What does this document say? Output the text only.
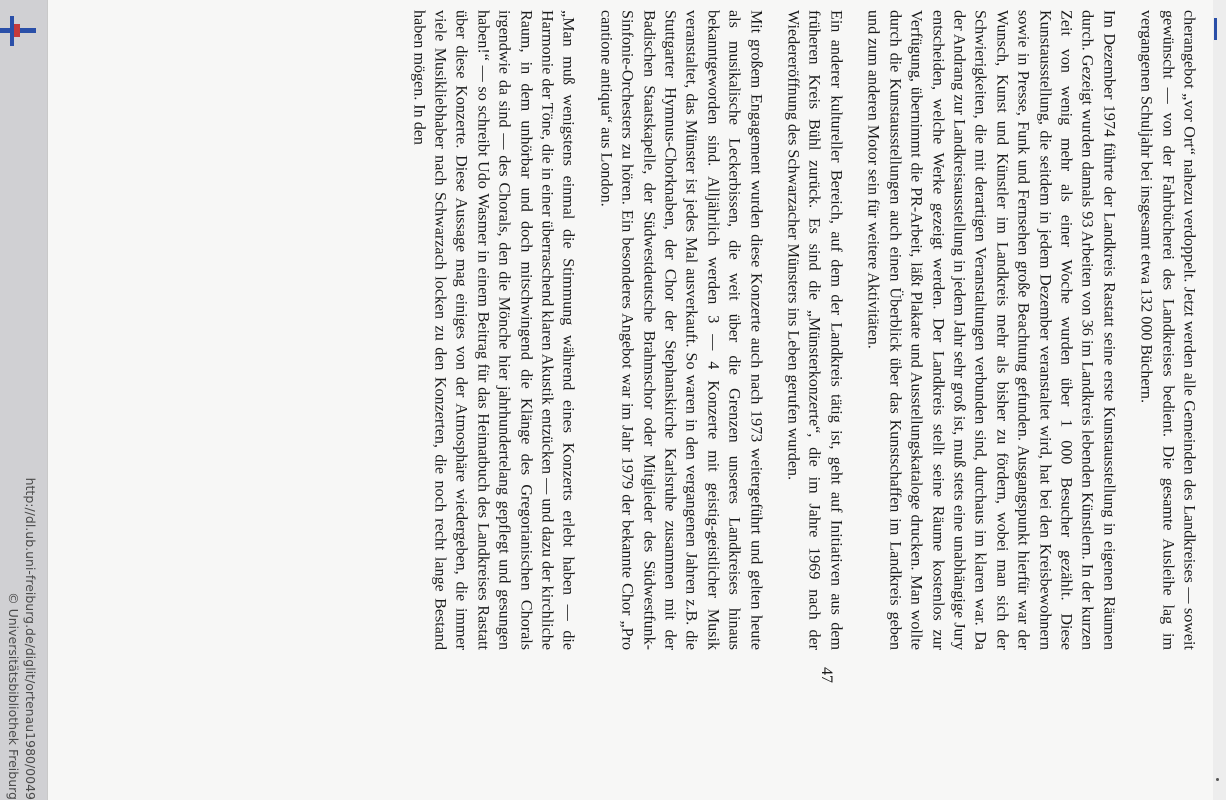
http://dl.ub.uni-freiburg.de/diglit/ortenau1980/0049
© Universitätsbibliothek Freiburg

cherangebot „vor Ort“ nahezu verdoppelt. Jetzt werden alle Gemeinden des Landkreises — soweit gewünscht — von der Fahrbücherei des Landkreises bedient. Die gesamte Ausleihe lag im vergangenen Schuljahr bei insgesamt etwa 132 000 Büchern.

Im Dezember 1974 führte der Landkreis Rastatt seine erste Kunstausstellung in eigenen Räumen durch. Gezeigt wurden damals 93 Arbeiten von 36 im Landkreis lebenden Künstlern. In der kurzen Zeit von wenig mehr als einer Woche wurden über 1 000 Besucher gezählt. Diese Kunstausstellung, die seitdem in jedem Dezember veranstaltet wird, hat bei den Kreisbewohnern sowie in Presse, Funk und Fernsehen große Beachtung gefunden. Ausgangspunkt hierfür war der Wunsch, Kunst und Künstler im Landkreis mehr als bisher zu fördern, wobei man sich der Schwierigkeiten, die mit derartigen Veranstaltungen verbunden sind, durchaus im klaren war. Da der Andrang zur Landkreisausstellung in jedem Jahr sehr groß ist, muß stets eine unabhängige Jury entscheiden, welche Werke gezeigt werden. Der Landkreis stellt seine Räume kostenlos zur Verfügung, übernimmt die PR-Arbeit, läßt Plakate und Ausstellungskataloge drucken. Man wollte durch die Kunstausstellungen auch einen Überblick über das Kunstschaffen im Landkreis geben und zum anderen Motor sein für weitere Aktivitäten.

Ein anderer kultureller Bereich, auf dem der Landkreis tätig ist, geht auf Initiativen aus dem früheren Kreis Bühl zurück. Es sind die „Münsterkonzerte“, die im Jahre 1969 nach der Wiedereröffnung des Schwarzacher Münsters ins Leben gerufen wurden.

Mit großem Engagement wurden diese Konzerte auch nach 1973 weitergeführt und gelten heute als musikalische Leckerbissen, die weit über die Grenzen unseres Landkreises hinaus bekanntgeworden sind. Alljährlich werden 3 — 4 Konzerte mit geistig-geistlicher Musik veranstaltet, das Münster ist jedes Mal ausverkauft. So waren in den vergangenen Jahren z.B. die Stuttgarter Hymnus-Chorknaben, der Chor der Stephanskirche Karlsruhe zusammen mit der Badischen Staatskapelle, der Südwestdeutsche Brahmschor oder Mitglieder des Südwestfunk-Sinfonie-Orchesters zu hören. Ein besonderes Angebot war im Jahr 1979 der bekannte Chor „Pro cantione antiqua“ aus London.

„Man muß wenigstens einmal die Stimmung während eines Konzerts erlebt haben — die Harmonie der Töne, die in einer überraschend klaren Akustik entzücken — und dazu der kirchliche Raum, in dem unhörbar und doch mitschwingend die Klänge des Gregorianischen Chorals irgendwie da sind — des Chorals, den die Mönche hier jahrhundertelang gepflegt und gesungen haben!“ — so schreibt Udo Wasmer in einem Beitrag für das Heimatbuch des Landkreises Rastatt über diese Konzerte. Diese Aussage mag einiges von der Atmosphäre wiedergeben, die immer viele Musikliebhaber nach Schwarzach locken zu den Konzerten, die noch recht lange Bestand haben mögen. In den

47
